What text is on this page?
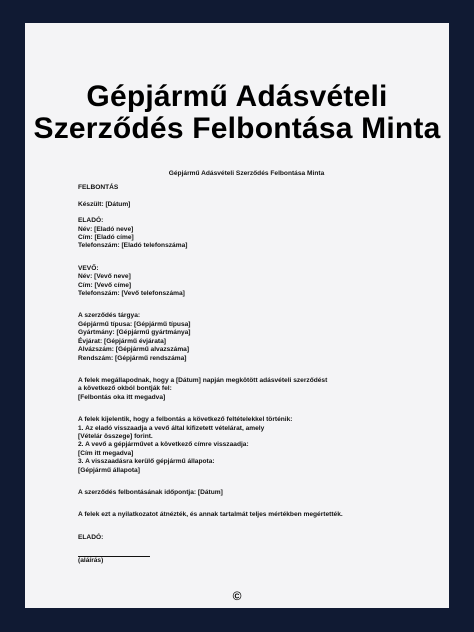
Gépjármű Adásvételi
Szerződés Felbontása Minta
Gépjármű Adásvételi Szerződés Felbontása Minta
FELBONTÁS
Készült: [Dátum]
ELADÓ:
Név: [Eladó neve]
Cím: [Eladó címe]
Telefonszám: [Eladó telefonszáma]
VEVŐ:
Név: [Vevő neve]
Cím: [Vevő címe]
Telefonszám: [Vevő telefonszáma]
A szerződés tárgya:
Gépjármű típusa: [Gépjármű típusa]
Gyártmány: [Gépjármű gyártmánya]
Évjárat: [Gépjármű évjárata]
Alvázszám: [Gépjármű alvazszáma]
Rendszám: [Gépjármű rendszáma]
A felek megállapodnak, hogy a [Dátum] napján megkötött adásvételi szerződést
a következő okból bontják fel:
[Felbontás oka itt megadva]
A felek kijelentik, hogy a felbontás a következő feltételekkel történik:
1. Az eladó visszaadja a vevő által kifizetett vételárat, amely
[Vételár összege] forint.
2. A vevő a gépjárművet a következő címre visszaadja:
[Cím itt megadva]
3. A visszaadásra kerülő gépjármű állapota:
[Gépjármű állapota]
A szerződés felbontásának időpontja: [Dátum]
A felek ezt a nyilatkozatot átnézték, és annak tartalmát teljes mértékben megértették.
ELADÓ:
(aláírás)
©
